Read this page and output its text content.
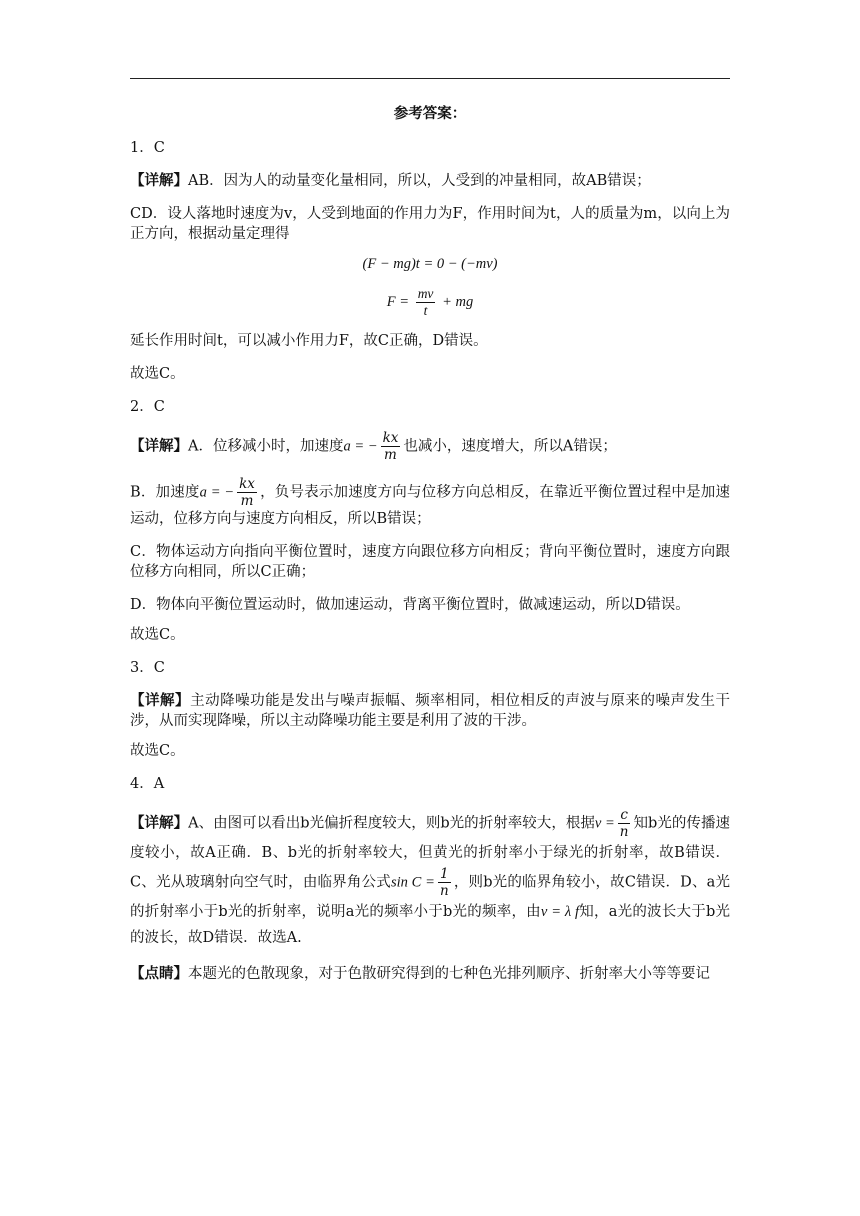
参考答案：
1．C
【详解】AB．因为人的动量变化量相同，所以，人受到的冲量相同，故AB错误；
CD．设人落地时速度为v，人受到地面的作用力为F，作用时间为t，人的质量为m，以向上为正方向，根据动量定理得
(F − mg)t = 0 − (−mv)
$F = \frac{mv}{t}$ + mg
延长作用时间t，可以减小作用力F，故C正确，D错误。
故选C。
2．C
【详解】A．位移减小时，加速度a = − $\frac{kx}{m}$ 也减小，速度增大，所以A错误；
B．加速度a = − $\frac{kx}{m}$ ，负号表示加速度方向与位移方向总相反，在靠近平衡位置过程中是加速运动，位移方向与速度方向相反，所以B错误；
C．物体运动方向指向平衡位置时，速度方向跟位移方向相反；背向平衡位置时，速度方向跟位移方向相同，所以C正确；
D．物体向平衡位置运动时，做加速运动，背离平衡位置时，做减速运动，所以D错误。
故选C。
3．C
【详解】主动降噪功能是发出与噪声振幅、频率相同，相位相反的声波与原来的噪声发生干涉，从而实现降噪，所以主动降噪功能主要是利用了波的干涉。
故选C。
4．A
【详解】A、由图可以看出b光偏折程度较大，则b光的折射率较大，根据$v = \frac{c}{n}$ 知b光的传播速度较小，故A正确．B、b光的折射率较大，但黄光的折射率小于绿光的折射率，故B错误．C、光从玻璃射向空气时，由临界角公式$\sin C = \frac{1}{n}$ ，则b光的临界角较小，故C错误．D、a光的折射率小于b光的折射率，说明a光的频率小于b光的频率，由v = λ f知，a光的波长大于b光的波长，故D错误．故选A.
【点睛】本题光的色散现象，对于色散研究得到的七种色光排列顺序、折射率大小等等要记
